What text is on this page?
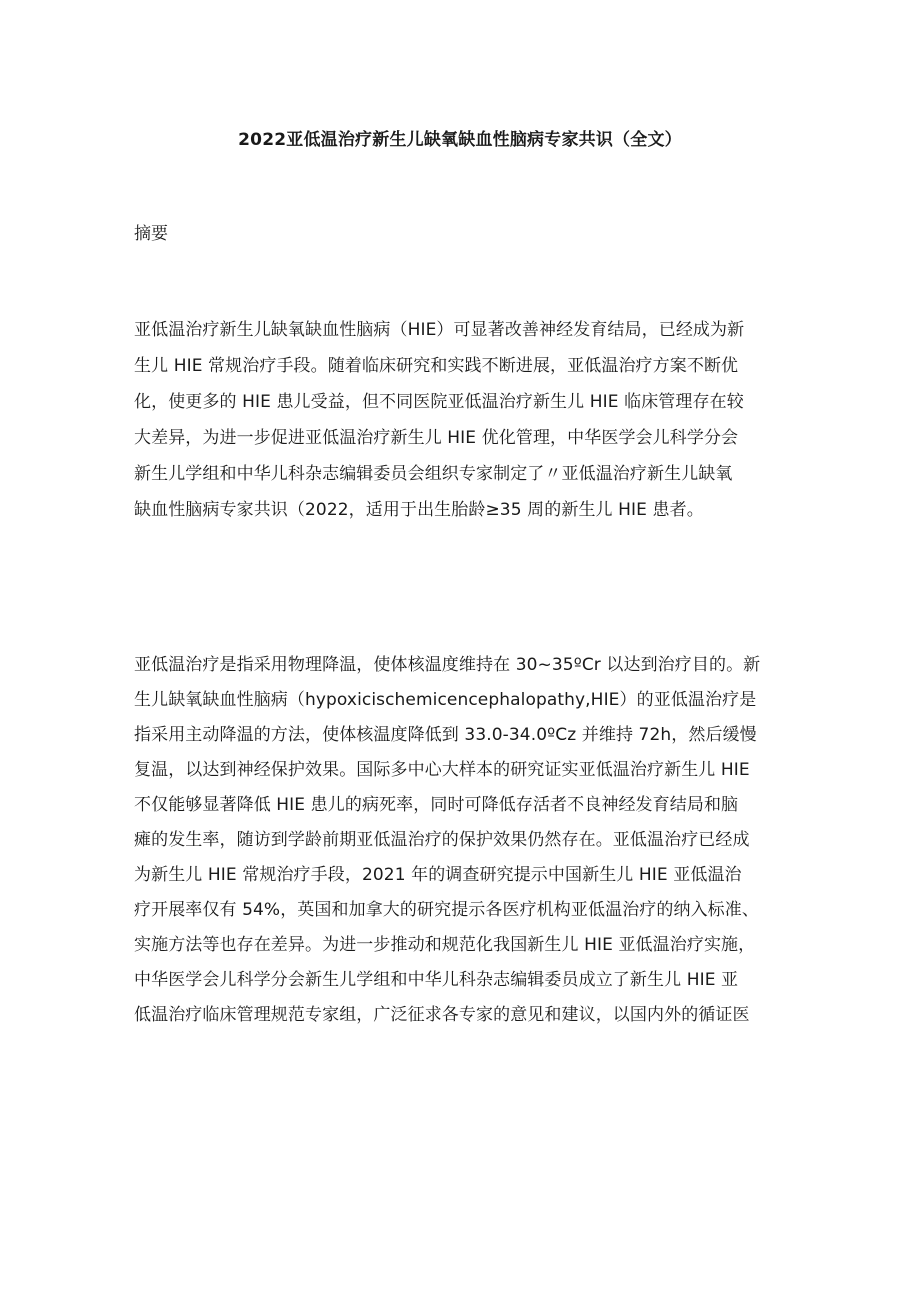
2022亚低温治疗新生儿缺氧缺血性脑病专家共识（全文）
摘要
亚低温治疗新生儿缺氧缺血性脑病（HIE）可显著改善神经发育结局，已经成为新
生儿 HIE 常规治疗手段。随着临床研究和实践不断进展，亚低温治疗方案不断优
化，使更多的 HIE 患儿受益，但不同医院亚低温治疗新生儿 HIE 临床管理存在较
大差异，为进一步促进亚低温治疗新生儿 HIE 优化管理，中华医学会儿科学分会
新生儿学组和中华儿科杂志编辑委员会组织专家制定了〃亚低温治疗新生儿缺氧
缺血性脑病专家共识（2022，适用于出生胎龄≥35 周的新生儿 HIE 患者。
亚低温治疗是指采用物理降温，使体核温度维持在 30~35ºCr 以达到治疗目的。新
生儿缺氧缺血性脑病（hypoxicischemicencephalopathy,HIE）的亚低温治疗是
指采用主动降温的方法，使体核温度降低到 33.0-34.0ºCz 并维持 72h，然后缓慢
复温，以达到神经保护效果。国际多中心大样本的研究证实亚低温治疗新生儿 HIE
不仅能够显著降低 HIE 患儿的病死率，同时可降低存活者不良神经发育结局和脑
瘫的发生率，随访到学龄前期亚低温治疗的保护效果仍然存在。亚低温治疗已经成
为新生儿 HIE 常规治疗手段，2021 年的调查研究提示中国新生儿 HIE 亚低温治
疗开展率仅有 54%，英国和加拿大的研究提示各医疗机构亚低温治疗的纳入标准、
实施方法等也存在差异。为进一步推动和规范化我国新生儿 HIE 亚低温治疗实施，
中华医学会儿科学分会新生儿学组和中华儿科杂志编辑委员成立了新生儿 HIE 亚
低温治疗临床管理规范专家组，广泛征求各专家的意见和建议，以国内外的循证医
